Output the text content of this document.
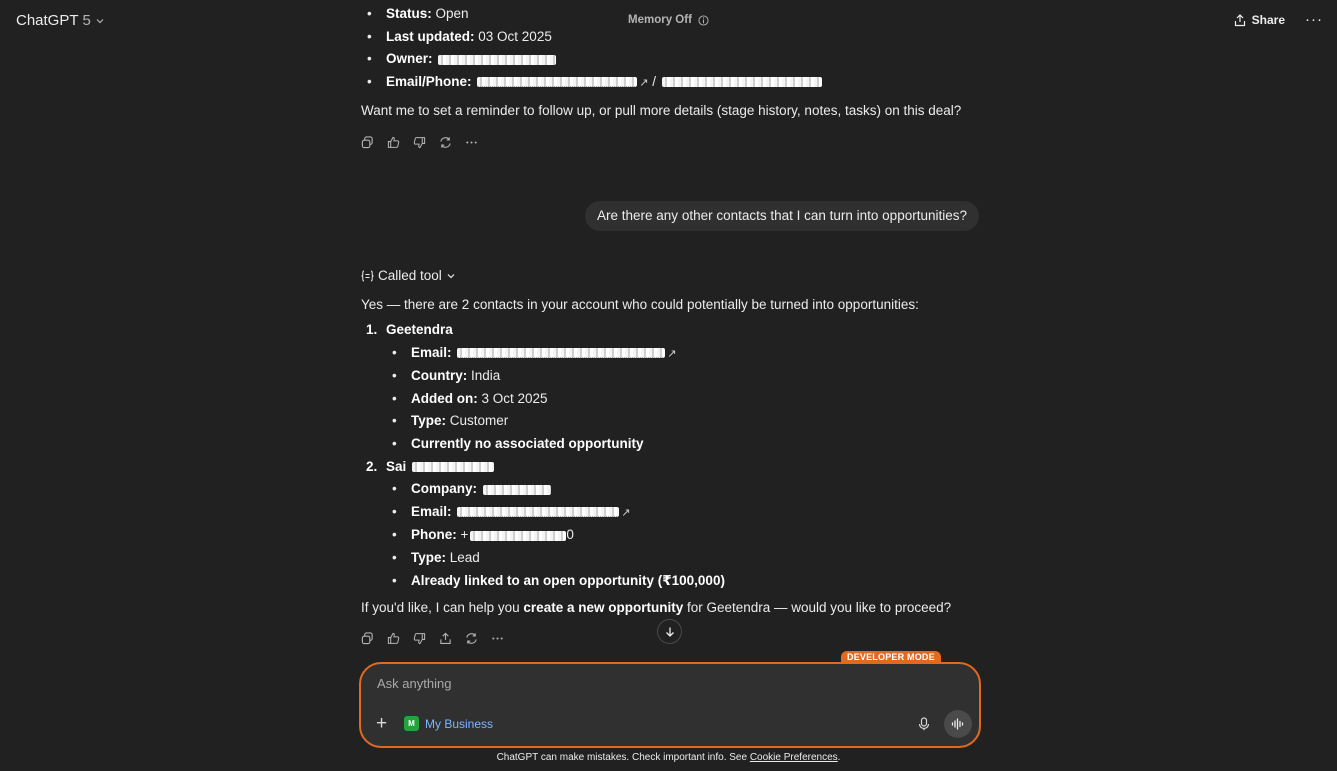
ChatGPT 5	Memory Off	Share ···
• Status: Open
• Last updated: 03 Oct 2025
• Owner:
• Email/Phone:	↗ /
Want me to set a reminder to follow up, or pull more details (stage history, notes, tasks) on this deal?
Are there any other contacts that I can turn into opportunities?
Called tool
Yes — there are 2 contacts in your account who could potentially be turned into opportunities:
1. Geetendra
• Email:	↗
• Country: India
• Added on: 3 Oct 2025
• Type: Customer
• Currently no associated opportunity
2. Sai
• Company:
• Email:	↗
• Phone: +	0
• Type: Lead
• Already linked to an open opportunity (₹100,000)
If you'd like, I can help you create a new opportunity for Geetendra — would you like to proceed?
DEVELOPER MODE
Ask anything
+	M My Business
ChatGPT can make mistakes. Check important info. See Cookie Preferences.
